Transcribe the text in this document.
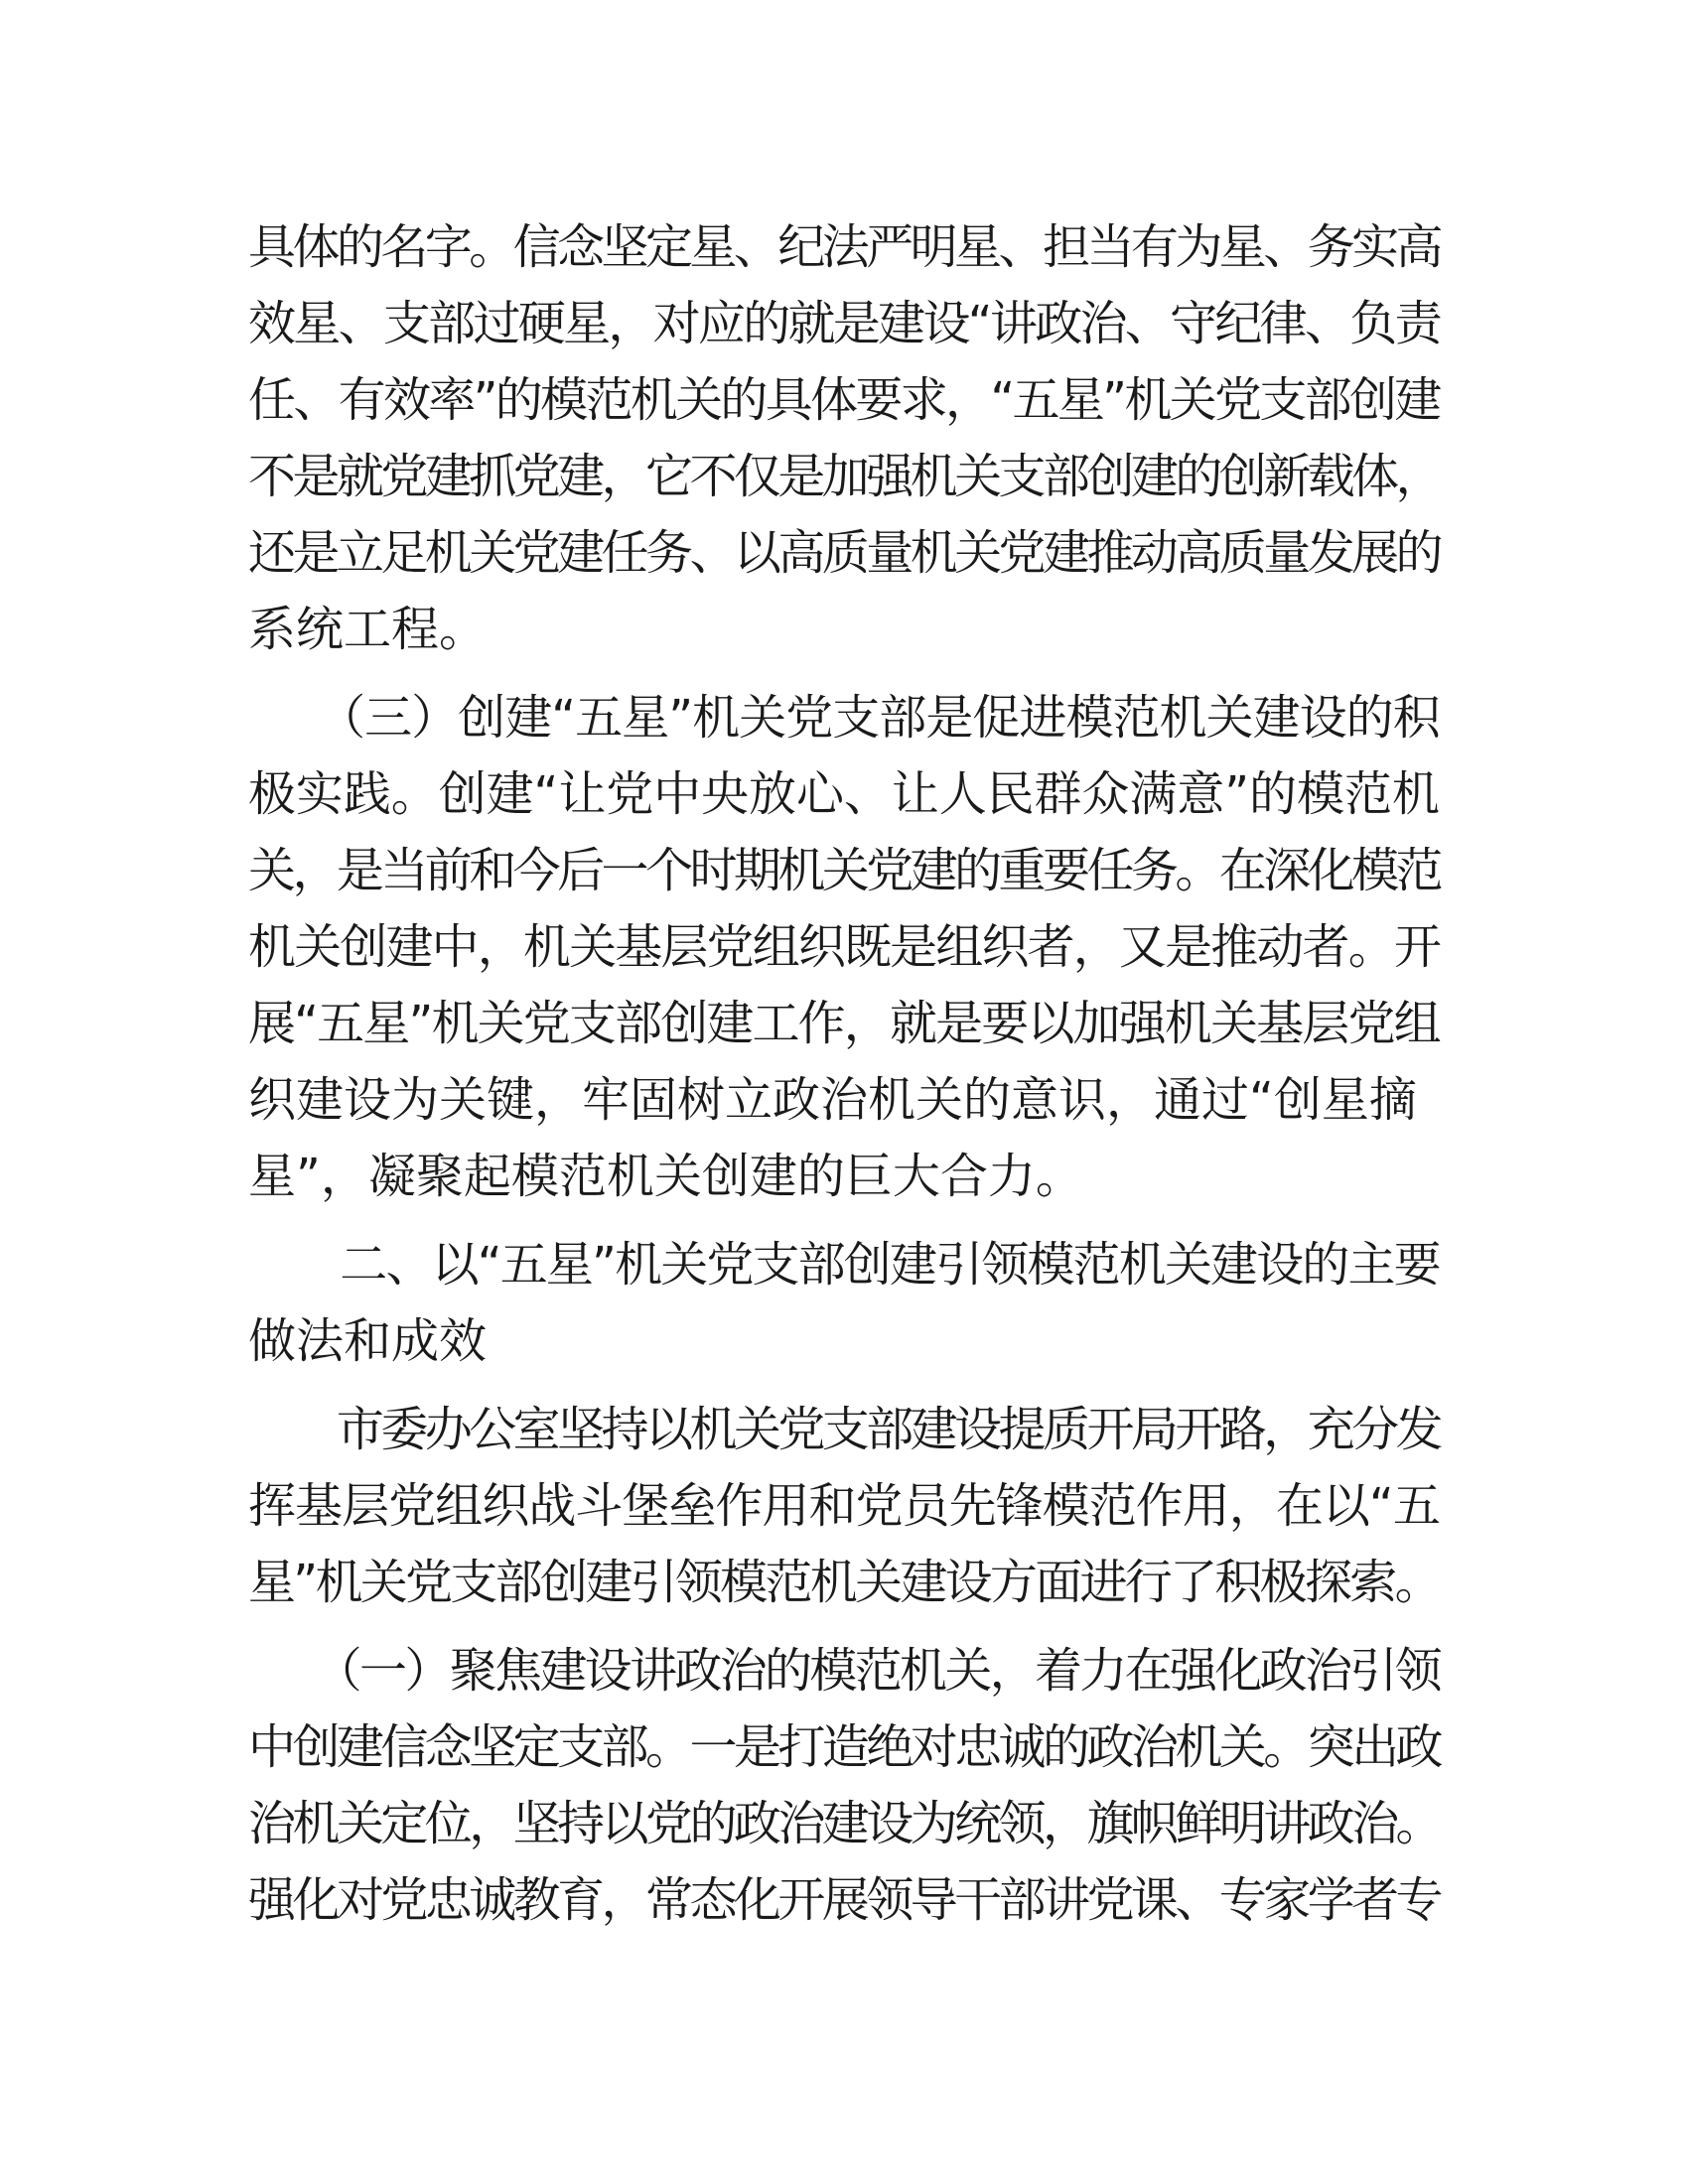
具体的名字。信念坚定星、纪法严明星、担当有为星、务实高
效星、支部过硬星，对应的就是建设“讲政治、守纪律、负责
任、有效率”的模范机关的具体要求，“五星”机关党支部创建
不是就党建抓党建，它不仅是加强机关支部创建的创新载体，
还是立足机关党建任务、以高质量机关党建推动高质量发展的
系统工程。
　　（三）创建“五星”机关党支部是促进模范机关建设的积
极实践。创建“让党中央放心、让人民群众满意”的模范机
关，是当前和今后一个时期机关党建的重要任务。在深化模范
机关创建中，机关基层党组织既是组织者，又是推动者。开
展“五星”机关党支部创建工作，就是要以加强机关基层党组
织建设为关键，牢固树立政治机关的意识，通过“创星摘
星”，凝聚起模范机关创建的巨大合力。
　　二、以“五星”机关党支部创建引领模范机关建设的主要
做法和成效
　　市委办公室坚持以机关党支部建设提质开局开路，充分发
挥基层党组织战斗堡垒作用和党员先锋模范作用，在以“五
星”机关党支部创建引领模范机关建设方面进行了积极探索。
　　（一）聚焦建设讲政治的模范机关，着力在强化政治引领
中创建信念坚定支部。一是打造绝对忠诚的政治机关。突出政
治机关定位，坚持以党的政治建设为统领，旗帜鲜明讲政治。
强化对党忠诚教育，常态化开展领导干部讲党课、专家学者专
